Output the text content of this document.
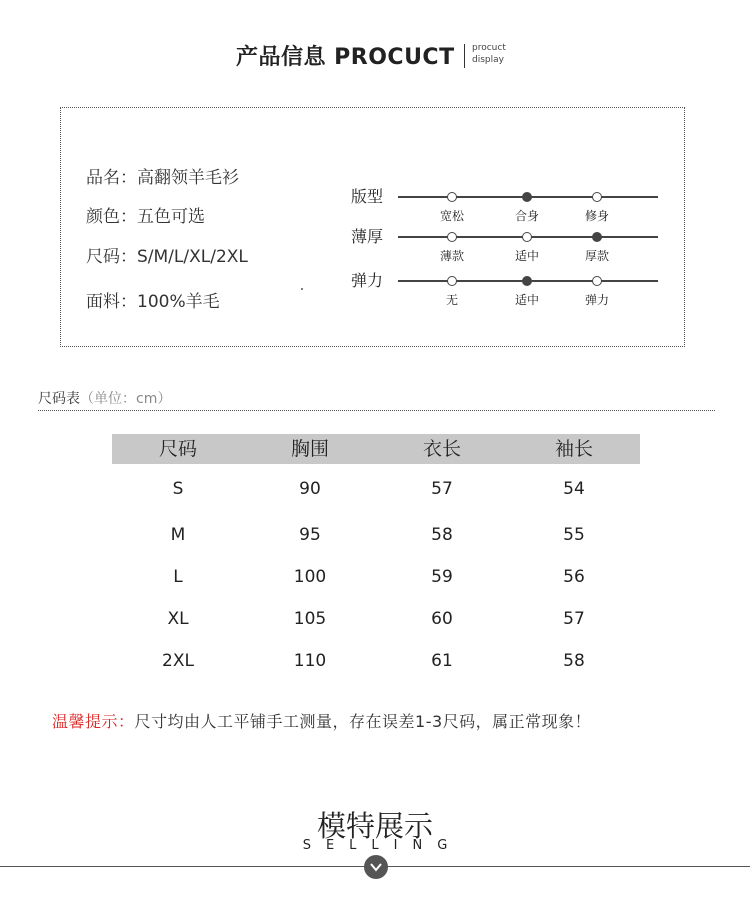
产品信息 PROCUCT procuct
display
品名：高翻领羊毛衫
颜色：五色可选
尺码：S/M/L/XL/2XL
面料：100%羊毛
版型
宽松	合身	修身
薄厚
薄款	适中	厚款
弹力
无	适中	弹力
尺码表（单位：cm）
尺码	胸围	衣长	袖长
S	90	57	54
M	95	58	55
L	100	59	56
XL	105	60	57
2XL	110	61	58
温馨提示：尺寸均由人工平铺手工测量，存在误差1-3尺码，属正常现象！
模特展示
SELLING
